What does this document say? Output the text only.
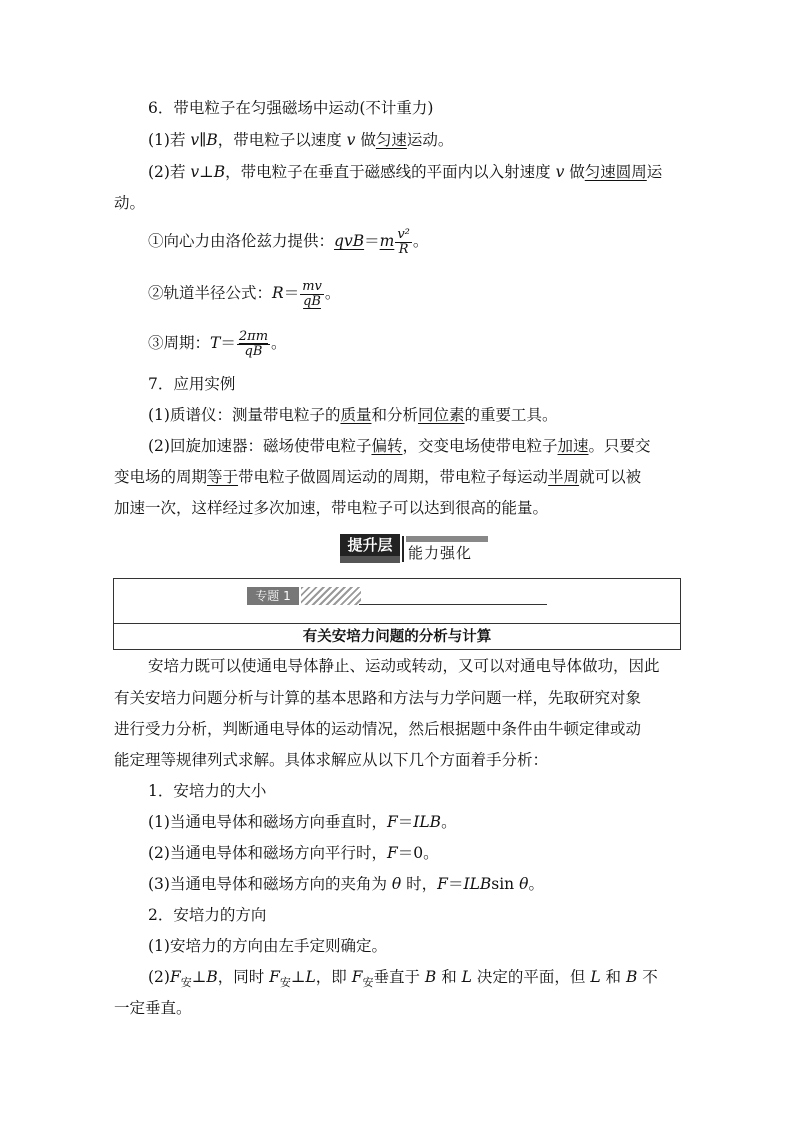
6．带电粒子在匀强磁场中运动(不计重力)
(1)若 v∥B，带电粒子以速度 v 做匀速运动。
(2)若 v⊥B，带电粒子在垂直于磁感线的平面内以入射速度 v 做匀速圆周运
动。
①向心力由洛伦兹力提供：$qvB=m \frac{\text{v²}}{R}$ 。
②轨道半径公式：$R= \frac{mv}{qB}$ 。
③周期：$T= \frac{2\pi m}{qB}$ 。
7．应用实例
(1)质谱仪：测量带电粒子的质量和分析同位素的重要工具。
(2)回旋加速器：磁场使带电粒子偏转，交变电场使带电粒子加速。只要交
变电场的周期等于带电粒子做圆周运动的周期，带电粒子每运动半周就可以被
加速一次，这样经过多次加速，带电粒子可以达到很高的能量。
提升层	能力强化
专题 1
有关安培力问题的分析与计算
安培力既可以使通电导体静止、运动或转动，又可以对通电导体做功，因此
有关安培力问题分析与计算的基本思路和方法与力学问题一样，先取研究对象
进行受力分析，判断通电导体的运动情况，然后根据题中条件由牛顿定律或动
能定理等规律列式求解。具体求解应从以下几个方面着手分析：
1．安培力的大小
(1)当通电导体和磁场方向垂直时，F＝ILB。
(2)当通电导体和磁场方向平行时，F＝0。
(3)当通电导体和磁场方向的夹角为 θ 时，F＝ILBsin θ。
2．安培力的方向
(1)安培力的方向由左手定则确定。
$(2)F_安\perp B$，同时 $F_安\perp L$，即 $F_安$垂直于 B 和 L 决定的平面，但 L 和 B 不
一定垂直。
